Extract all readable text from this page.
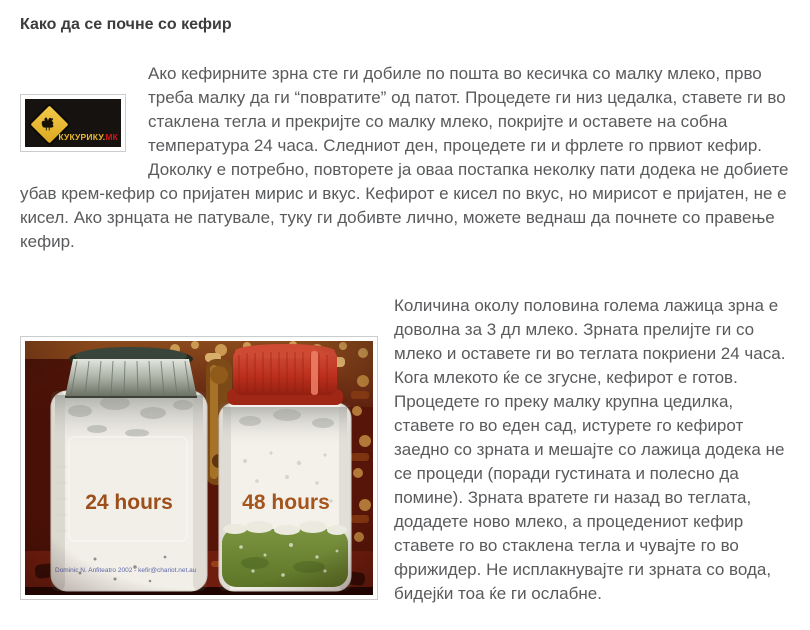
Како да се почне со кефир
КУКУРИКУ.МК

Ако кефирните зрна сте ги добиле по пошта во кесичка со малку млеко, прво треба малку да ги “повратите” од патот. Процедете ги низ цедалка, ставете ги во стаклена тегла и прекријте со малку млеко, покријте и оставете на собна температура 24 часа. Следниот ден, процедете ги и фрлете го првиот кефир. Доколку е потребно, повторете ја оваа постапка неколку пати додека не добиете убав крем-кефир со пријатен мирис и вкус. Кефирот е кисел по вкус, но мирисот е пријатен, не е кисел. Ако зрнцата не патувале, туку ги добивте лично, можете веднаш да почнете со правење кефир.

Количина околу половина голема лажица зрна е доволна за 3 дл млеко. Зрната прелијте ги со млеко и оставете ги во теглата покриени 24 часа. Кога млекото ќе се згусне, кефирот е готов. Процедете го преку малку крупна цедилка, ставете го во еден сад, истурете го кефирот заедно со зрната и мешајте со лажица додека не се процеди (поради густината и полесно да помине). Зрната вратете ги назад во теглата, додадете ново млеко, а процедениот кефир ставете го во стаклена тегла и чувајте го во фрижидер. Не исплакнувајте ги зрната со вода, бидејќи тоа ќе ги ослабне.
